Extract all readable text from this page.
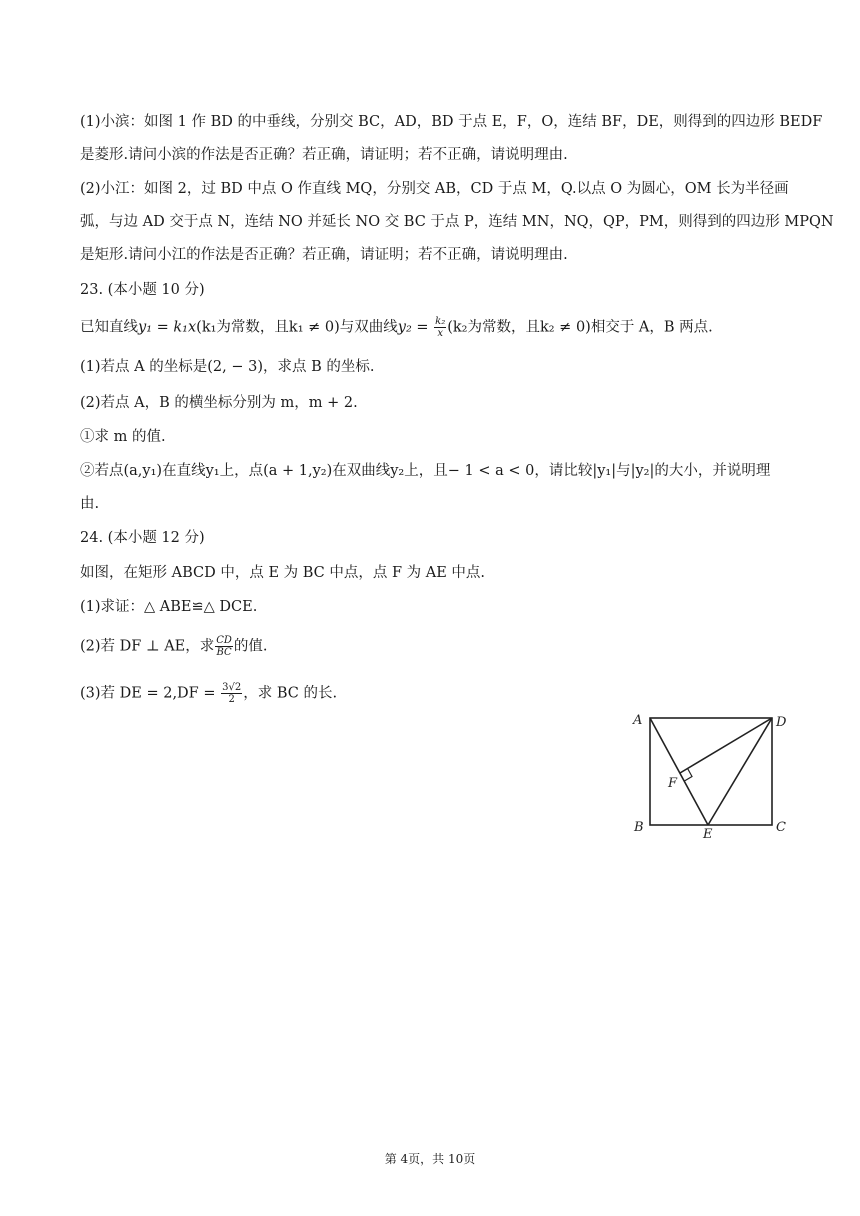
(1)小滨：如图 1 作 BD 的中垂线，分别交 BC，AD，BD 于点 E，F，O，连结 BF，DE，则得到的四边形 BEDF
是菱形.请问小滨的作法是否正确？若正确，请证明；若不正确，请说明理由.
(2)小江：如图 2，过 BD 中点 O 作直线 MQ，分别交 AB，CD 于点 M，Q.以点 O 为圆心，OM 长为半径画
弧，与边 AD 交于点 N，连结 NO 并延长 NO 交 BC 于点 P，连结 MN，NQ，QP，PM，则得到的四边形 MPQN
是矩形.请问小江的作法是否正确？若正确，请证明；若不正确，请说明理由.
23. (本小题 10 分)
已知直线y₁ = k₁x(k₁为常数，且k₁ ≠ 0)与双曲线$y_2 = \frac{\text{k₂}}{x} (k_2$为常数，且k₂ ≠ 0)相交于 A，B 两点.
(1)若点 A 的坐标是(2, − 3)，求点 B 的坐标.
(2)若点 A，B 的横坐标分别为 m，m + 2.
①求 m 的值.
②若点(a,y₁)在直线y₁上，点(a + 1,y₂)在双曲线y₂上，且− 1 < a < 0，请比较|y₁|与|y₂|的大小，并说明理
由.
24. (本小题 12 分)
如图，在矩形 ABCD 中，点 E 为 BC 中点，点 F 为 AE 中点.
(1)求证：△ ABE≌△ DCE.
(2)若 DF ⊥ AE，求 $\frac{CD}{BC}$ 的值.
(3)若 DE = $2,DF = \frac{3√2}{2}$ ，求 BC 的长.
A	D
F
B	E	C
第 4页，共 10页
